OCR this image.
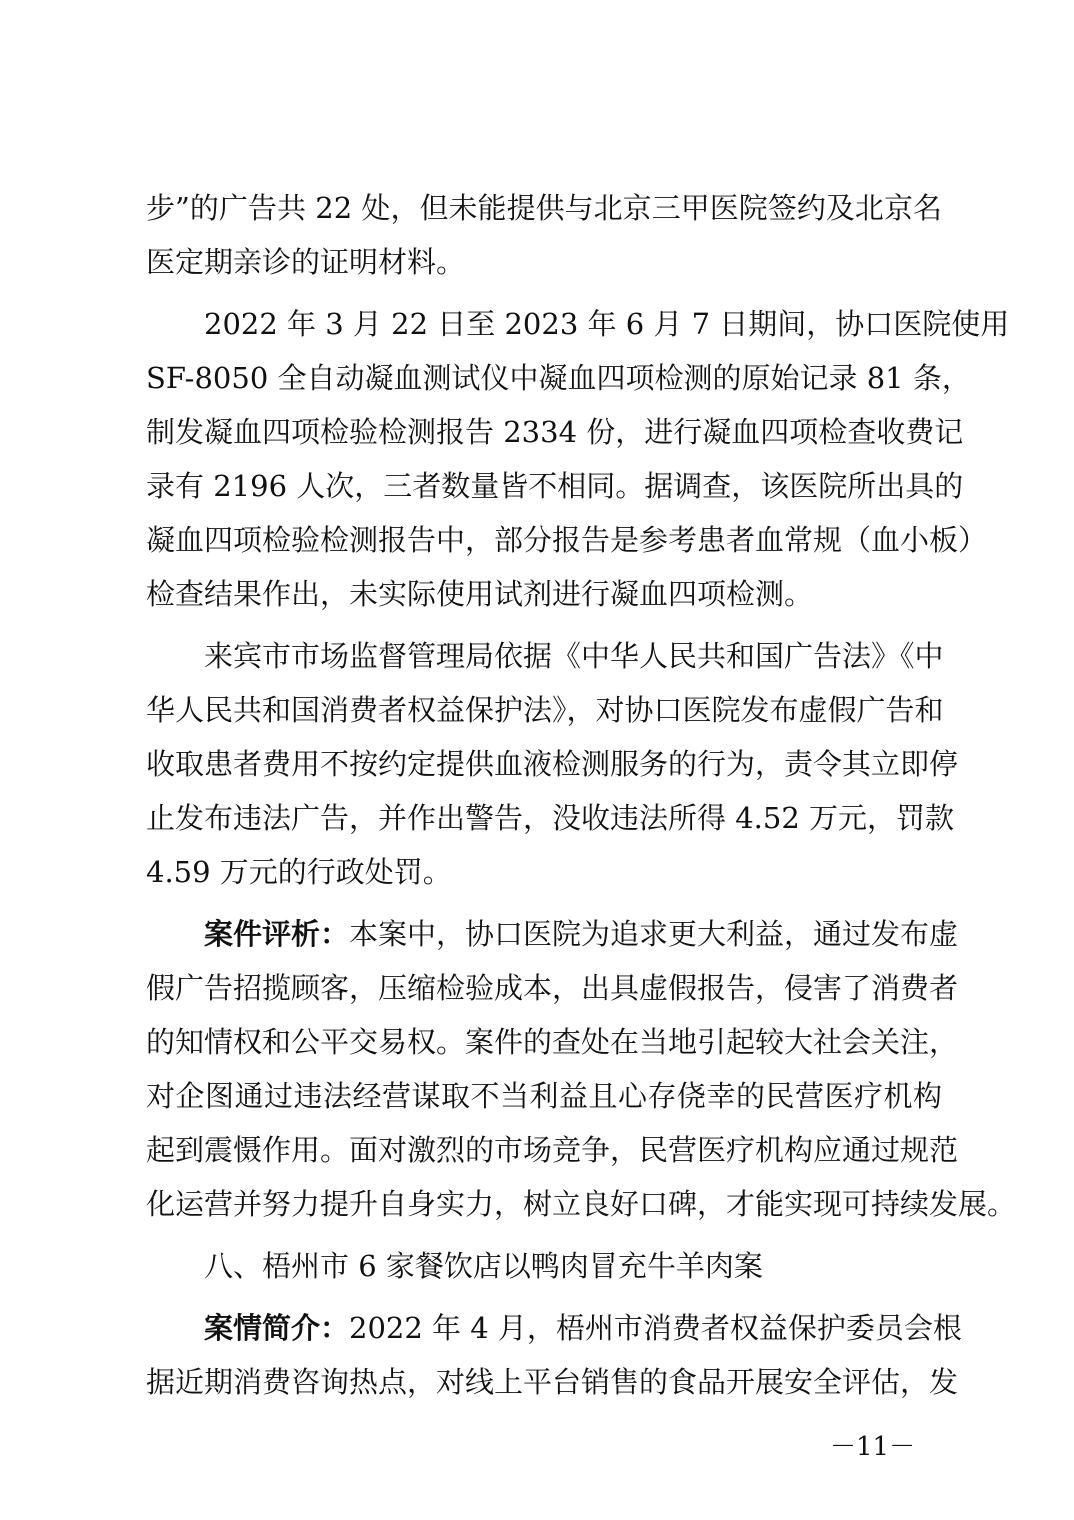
步”的广告共 22 处，但未能提供与北京三甲医院签约及北京名
医定期亲诊的证明材料。
2022 年 3 月 22 日至 2023 年 6 月 7 日期间，协口医院使用
SF-8050 全自动凝血测试仪中凝血四项检测的原始记录 81 条，
制发凝血四项检验检测报告 2334 份，进行凝血四项检查收费记
录有 2196 人次，三者数量皆不相同。据调查，该医院所出具的
凝血四项检验检测报告中，部分报告是参考患者血常规（血小板）
检查结果作出，未实际使用试剂进行凝血四项检测。
来宾市市场监督管理局依据《中华人民共和国广告法》《中
华人民共和国消费者权益保护法》，对协口医院发布虚假广告和
收取患者费用不按约定提供血液检测服务的行为，责令其立即停
止发布违法广告，并作出警告，没收违法所得 4.52 万元，罚款
4.59 万元的行政处罚。
案件评析：本案中，协口医院为追求更大利益，通过发布虚
假广告招揽顾客，压缩检验成本，出具虚假报告，侵害了消费者
的知情权和公平交易权。案件的查处在当地引起较大社会关注，
对企图通过违法经营谋取不当利益且心存侥幸的民营医疗机构
起到震慑作用。面对激烈的市场竞争，民营医疗机构应通过规范
化运营并努力提升自身实力，树立良好口碑，才能实现可持续发展。
八、梧州市 6 家餐饮店以鸭肉冒充牛羊肉案
案情简介：2022 年 4 月，梧州市消费者权益保护委员会根
据近期消费咨询热点，对线上平台销售的食品开展安全评估，发
－11－
